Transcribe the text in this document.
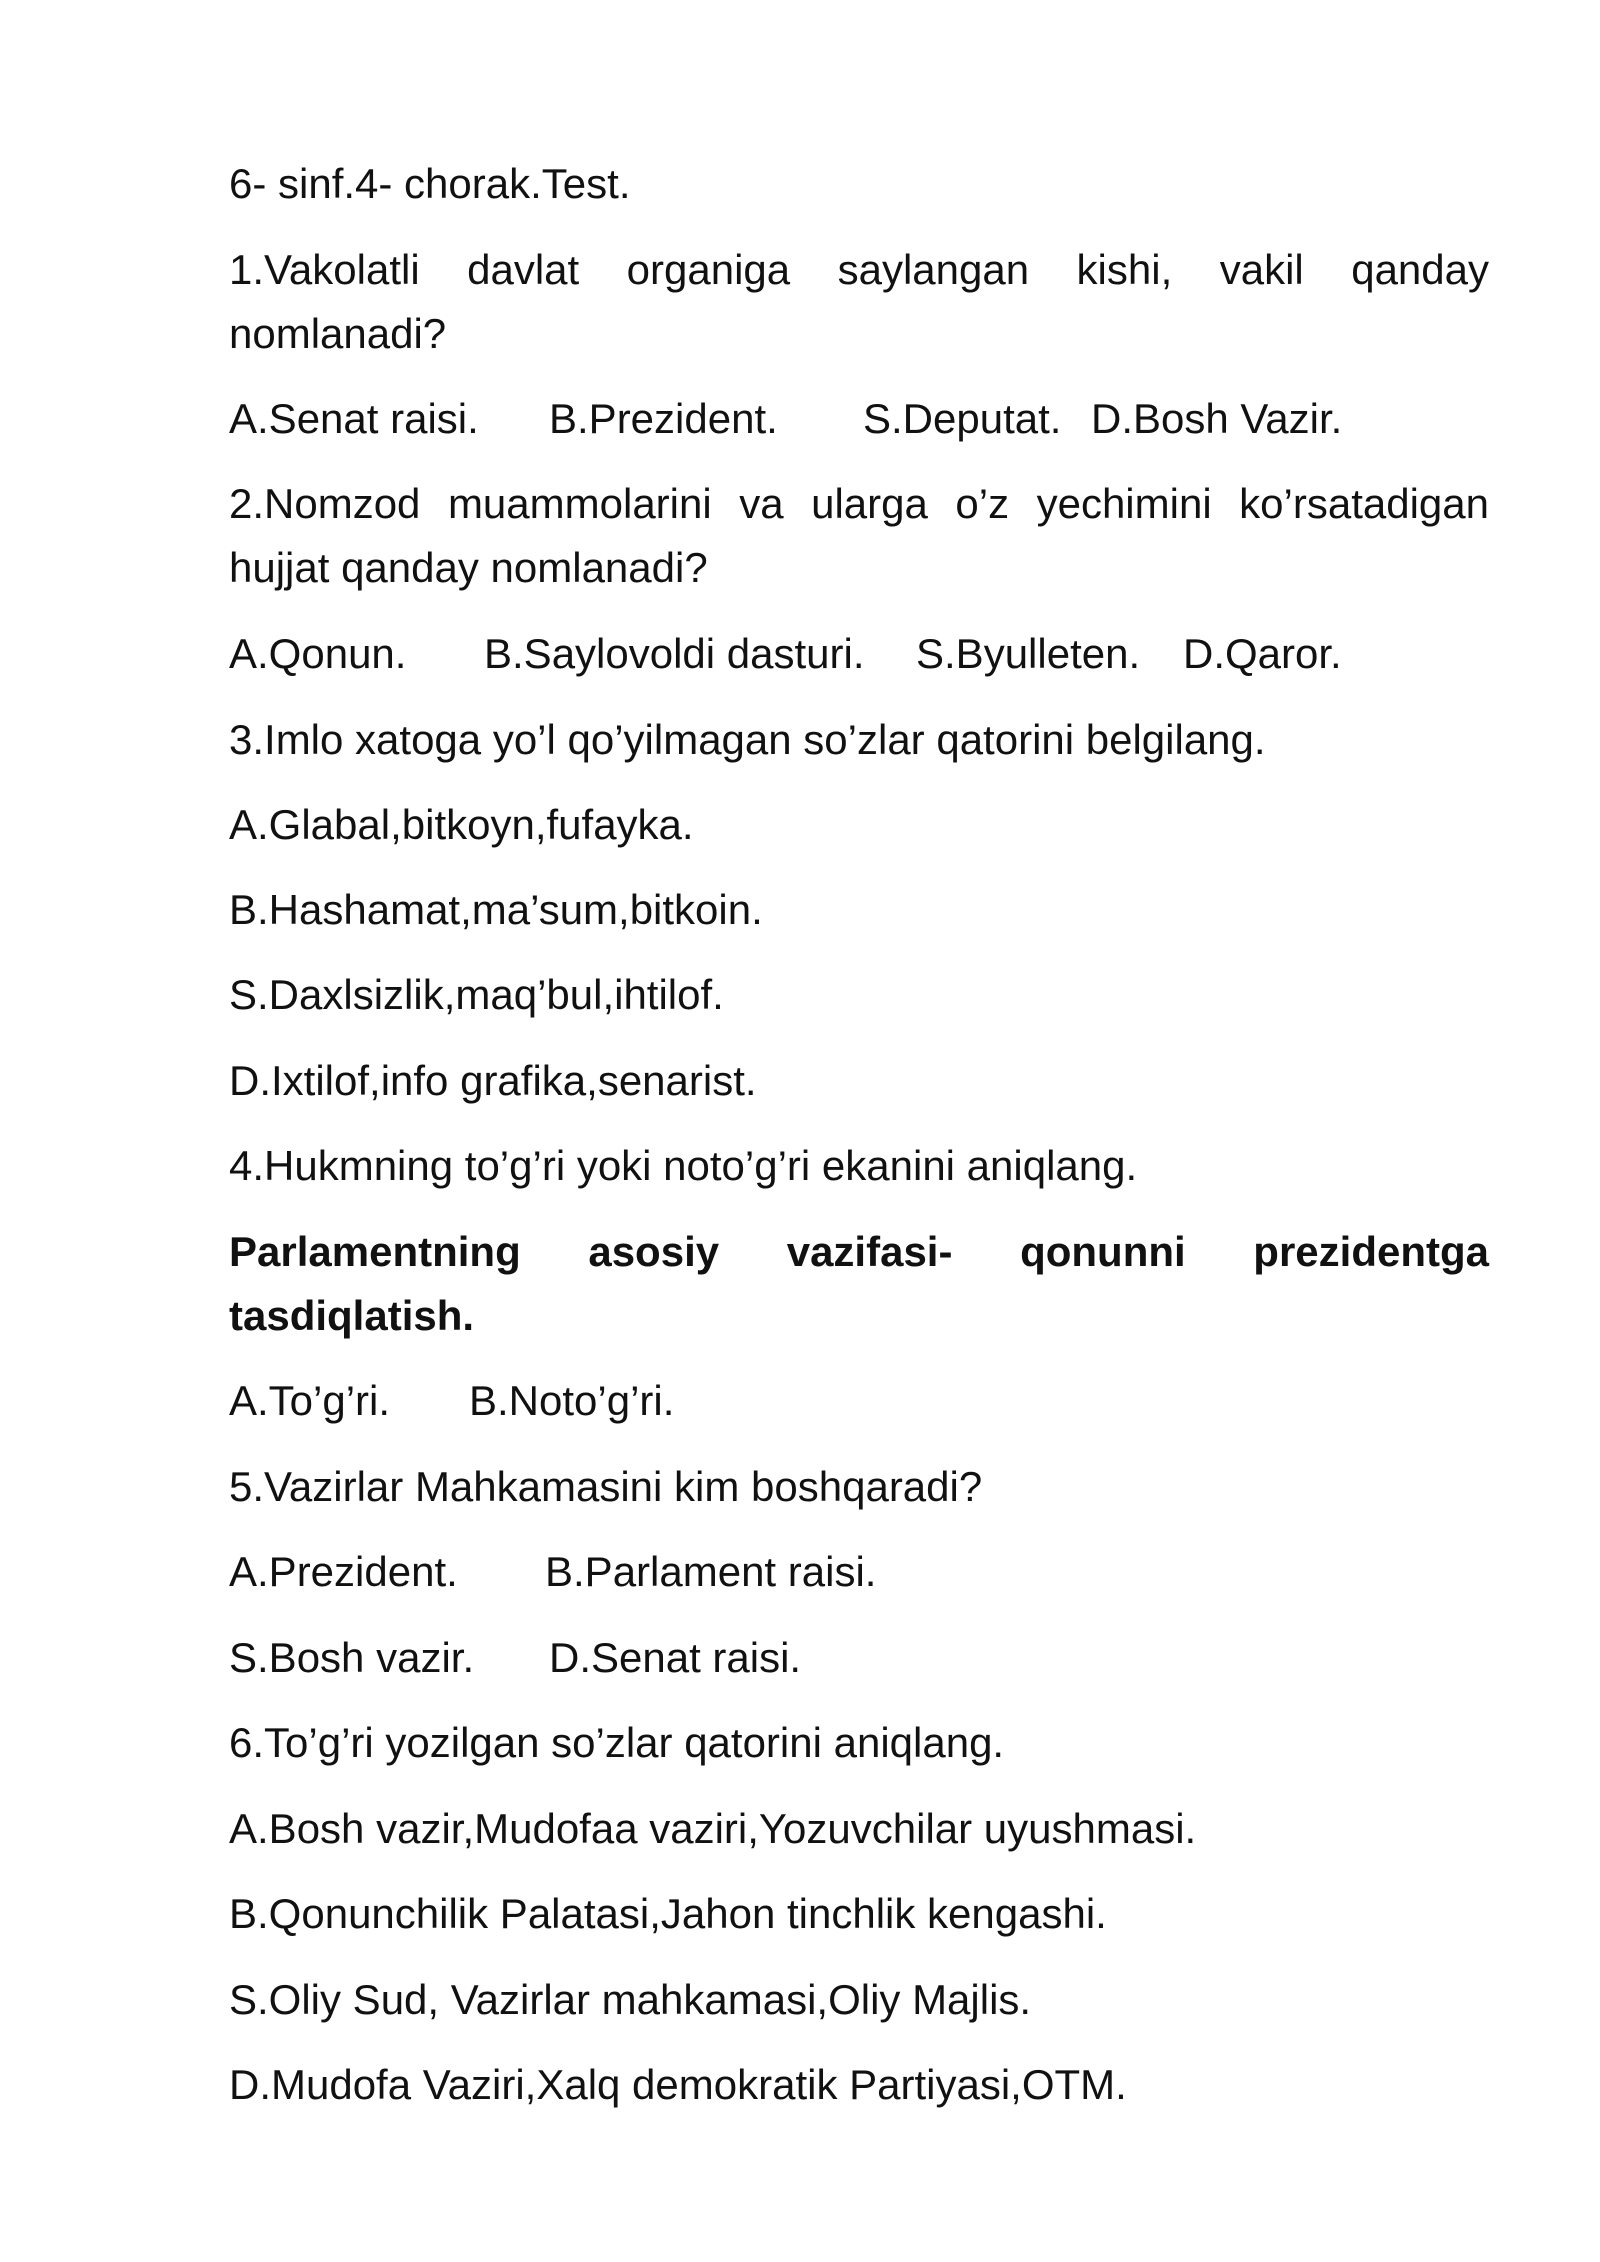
6- sinf.4- chorak.Test.
1.Vakolatli davlat organiga saylangan kishi, vakil qanday nomlanadi?
A.Senat raisi. B.Prezident. S.Deputat. D.Bosh Vazir.
2.Nomzod muammolarini va ularga o’z yechimini ko’rsatadigan hujjat qanday nomlanadi?
A.Qonun. B.Saylovoldi dasturi. S.Byulleten. D.Qaror.
3.Imlo xatoga yo’l qo’yilmagan so’zlar qatorini belgilang.
A.Glabal,bitkoyn,fufayka.
B.Hashamat,ma’sum,bitkoin.
S.Daxlsizlik,maq’bul,ihtilof.
D.Ixtilof,info grafika,senarist.
4.Hukmning to’g’ri yoki noto’g’ri ekanini aniqlang.
Parlamentning asosiy vazifasi- qonunni prezidentga tasdiqlatish.
A.To’g’ri. B.Noto’g’ri.
5.Vazirlar Mahkamasini kim boshqaradi?
A.Prezident. B.Parlament raisi.
S.Bosh vazir. D.Senat raisi.
6.To’g’ri yozilgan so’zlar qatorini aniqlang.
A.Bosh vazir,Mudofaa vaziri,Yozuvchilar uyushmasi.
B.Qonunchilik Palatasi,Jahon tinchlik kengashi.
S.Oliy Sud, Vazirlar mahkamasi,Oliy Majlis.
D.Mudofa Vaziri,Xalq demokratik Partiyasi,OTM.
